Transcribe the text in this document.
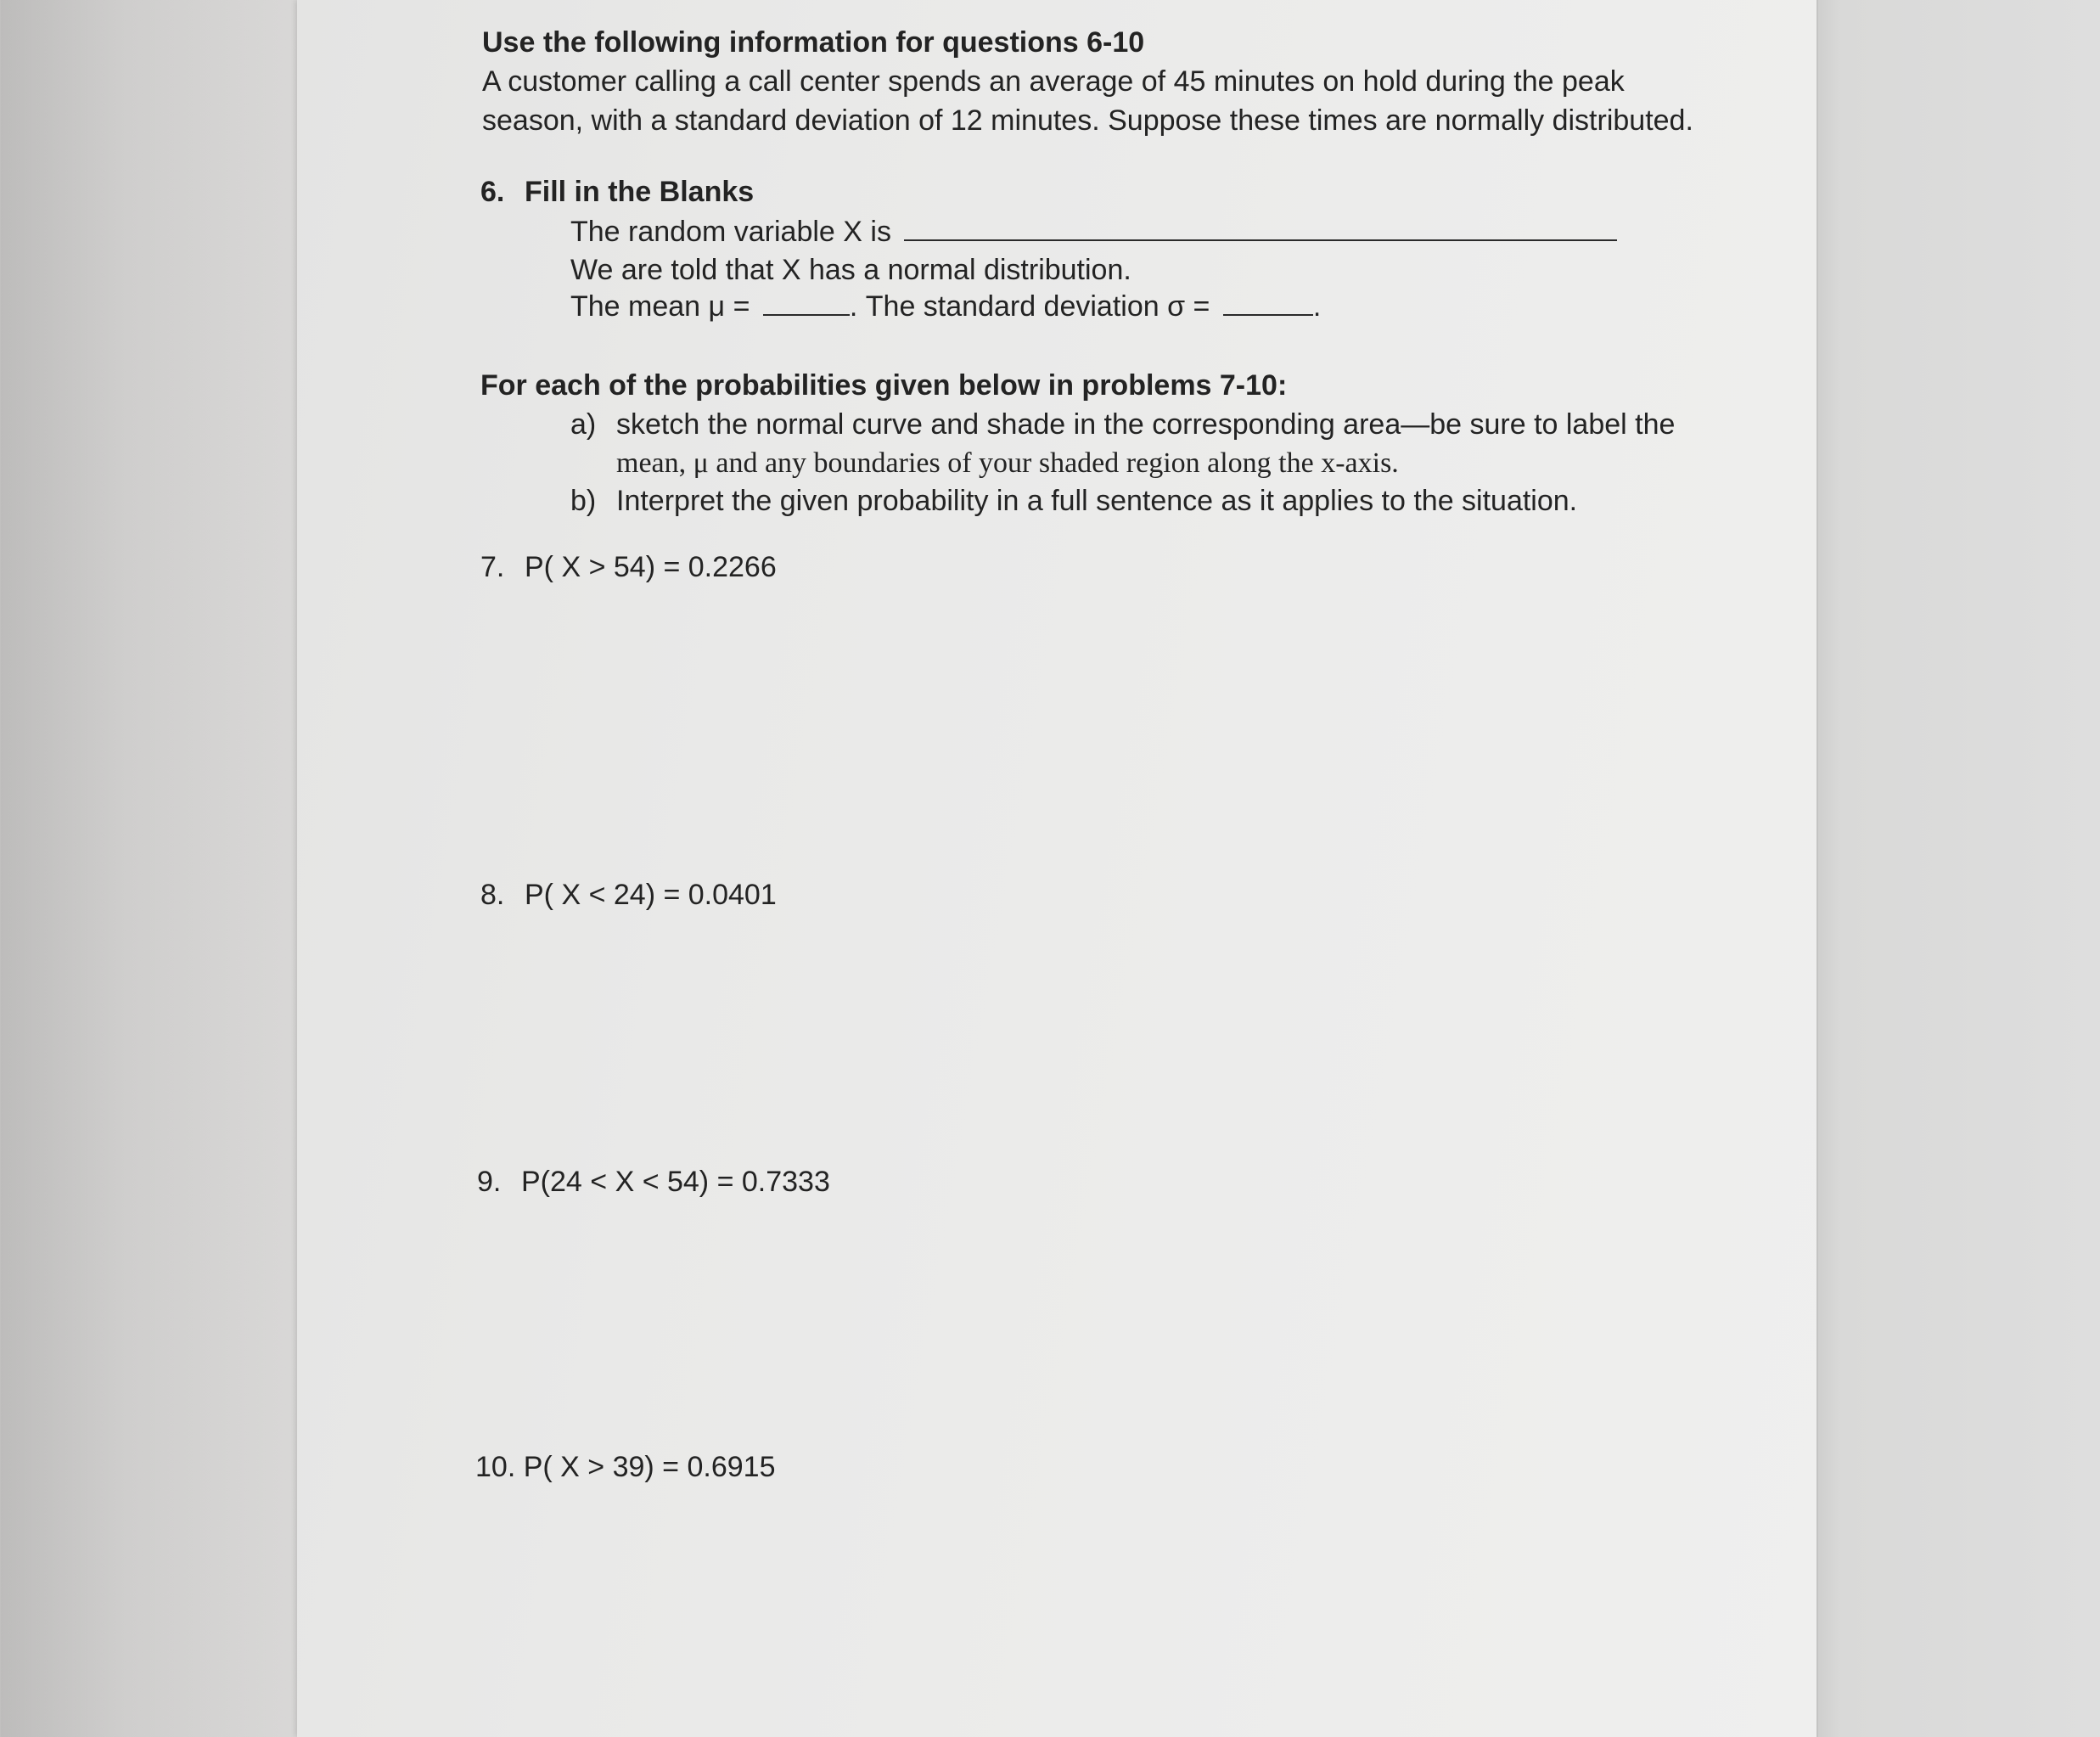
Use the following information for questions 6-10
A customer calling a call center spends an average of 45 minutes on hold during the peak
season, with a standard deviation of 12 minutes. Suppose these times are normally distributed.
6. Fill in the Blanks
The random variable X is
We are told that X has a normal distribution.
The mean μ =	. The standard deviation σ =	.
For each of the probabilities given below in problems 7-10:
a) sketch the normal curve and shade in the corresponding area—be sure to label the
mean, μ and any boundaries of your shaded region along the x-axis.
b) Interpret the given probability in a full sentence as it applies to the situation.
7. P( X > 54) = 0.2266
8. P( X < 24) = 0.0401
9. P(24 < X < 54) = 0.7333
10. P( X > 39) = 0.6915
